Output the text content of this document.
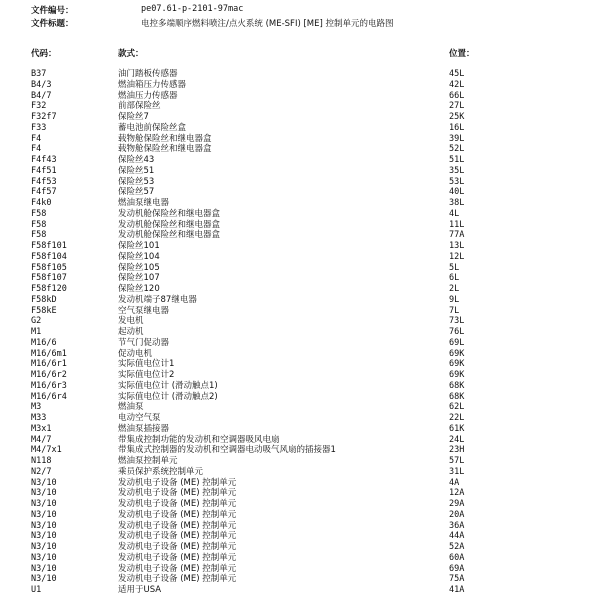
文件编号：	pe07.61-p-2101-97mac
文件标题：	电控多端顺序燃料喷注/点火系统 (ME-SFI) [ME] 控制单元的电路图
代码：	款式：	位置：
B37	油门踏板传感器	45L
B4/3	燃油箱压力传感器	42L
B4/7	燃油压力传感器	66L
F32	前部保险丝	27L
F32f7	保险丝7	25K
F33	蓄电池前保险丝盒	16L
F4	载物舱保险丝和继电器盒	39L
F4	载物舱保险丝和继电器盒	52L
F4f43	保险丝43	51L
F4f51	保险丝51	35L
F4f53	保险丝53	53L
F4f57	保险丝57	40L
F4k0	燃油泵继电器	38L
F58	发动机舱保险丝和继电器盒	4L
F58	发动机舱保险丝和继电器盒	11L
F58	发动机舱保险丝和继电器盒	77A
F58f101	保险丝101	13L
F58f104	保险丝104	12L
F58f105	保险丝105	5L
F58f107	保险丝107	6L
F58f120	保险丝120	2L
F58kD	发动机端子87继电器	9L
F58kE	空气泵继电器	7L
G2	发电机	73L
M1	起动机	76L
M16/6	节气门促动器	69L
M16/6m1	促动电机	69K
M16/6r1	实际值电位计1	69K
M16/6r2	实际值电位计2	69K
M16/6r3	实际值电位计 (滑动触点1)	68K
M16/6r4	实际值电位计 (滑动触点2)	68K
M3	燃油泵	62L
M33	电动空气泵	22L
M3x1	燃油泵插接器	61K
M4/7	带集成控制功能的发动机和空调器吸风电扇	24L
M4/7x1	带集成式控制器的发动机和空调器电动吸气风扇的插接器1	23H
N118	燃油泵控制单元	57L
N2/7	乘员保护系统控制单元	31L
N3/10	发动机电子设备 (ME) 控制单元	4A
N3/10	发动机电子设备 (ME) 控制单元	12A
N3/10	发动机电子设备 (ME) 控制单元	29A
N3/10	发动机电子设备 (ME) 控制单元	20A
N3/10	发动机电子设备 (ME) 控制单元	36A
N3/10	发动机电子设备 (ME) 控制单元	44A
N3/10	发动机电子设备 (ME) 控制单元	52A
N3/10	发动机电子设备 (ME) 控制单元	60A
N3/10	发动机电子设备 (ME) 控制单元	69A
N3/10	发动机电子设备 (ME) 控制单元	75A
U1	适用于USA	41A
